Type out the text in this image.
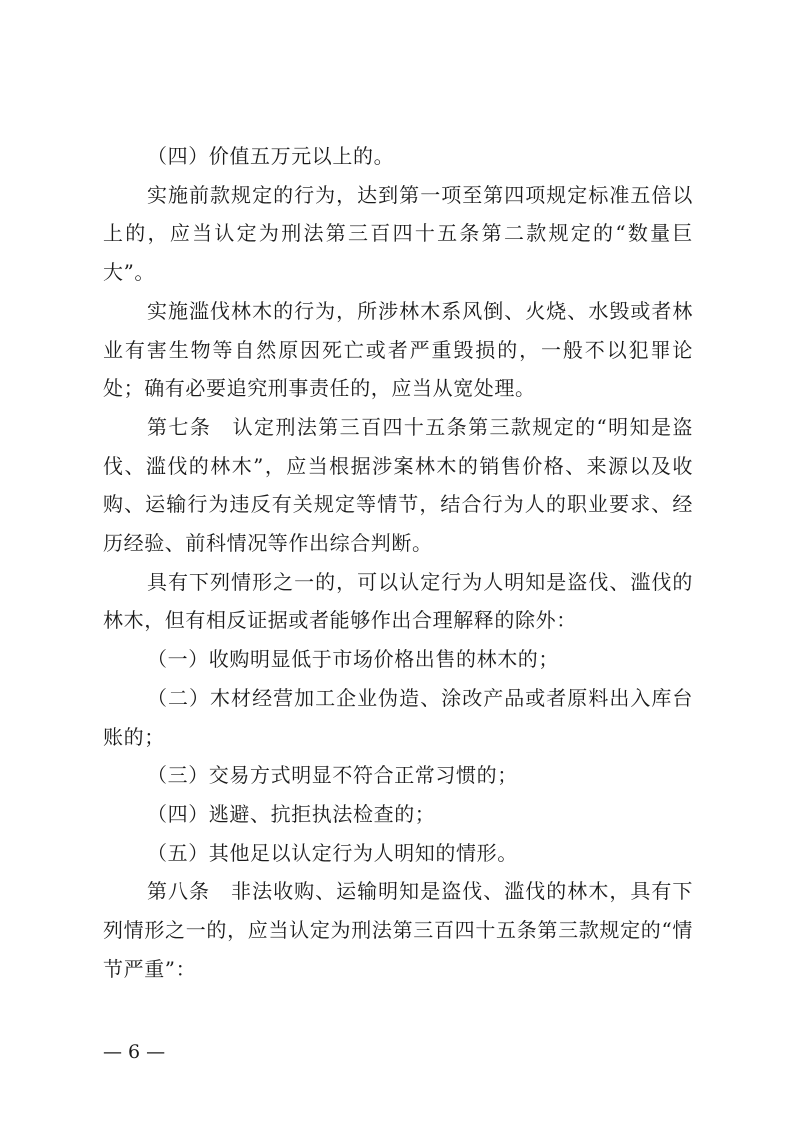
（四）价值五万元以上的。

实施前款规定的行为，达到第一项至第四项规定标准五倍以上的，应当认定为刑法第三百四十五条第二款规定的“数量巨大”。

实施滥伐林木的行为，所涉林木系风倒、火烧、水毁或者林业有害生物等自然原因死亡或者严重毁损的，一般不以犯罪论处；确有必要追究刑事责任的，应当从宽处理。

第七条　认定刑法第三百四十五条第三款规定的“明知是盗伐、滥伐的林木”，应当根据涉案林木的销售价格、来源以及收购、运输行为违反有关规定等情节，结合行为人的职业要求、经历经验、前科情况等作出综合判断。

具有下列情形之一的，可以认定行为人明知是盗伐、滥伐的林木，但有相反证据或者能够作出合理解释的除外：

（一）收购明显低于市场价格出售的林木的；

（二）木材经营加工企业伪造、涂改产品或者原料出入库台账的；

（三）交易方式明显不符合正常习惯的；

（四）逃避、抗拒执法检查的；

（五）其他足以认定行为人明知的情形。

第八条　非法收购、运输明知是盗伐、滥伐的林木，具有下列情形之一的，应当认定为刑法第三百四十五条第三款规定的“情节严重”：

— 6 —
